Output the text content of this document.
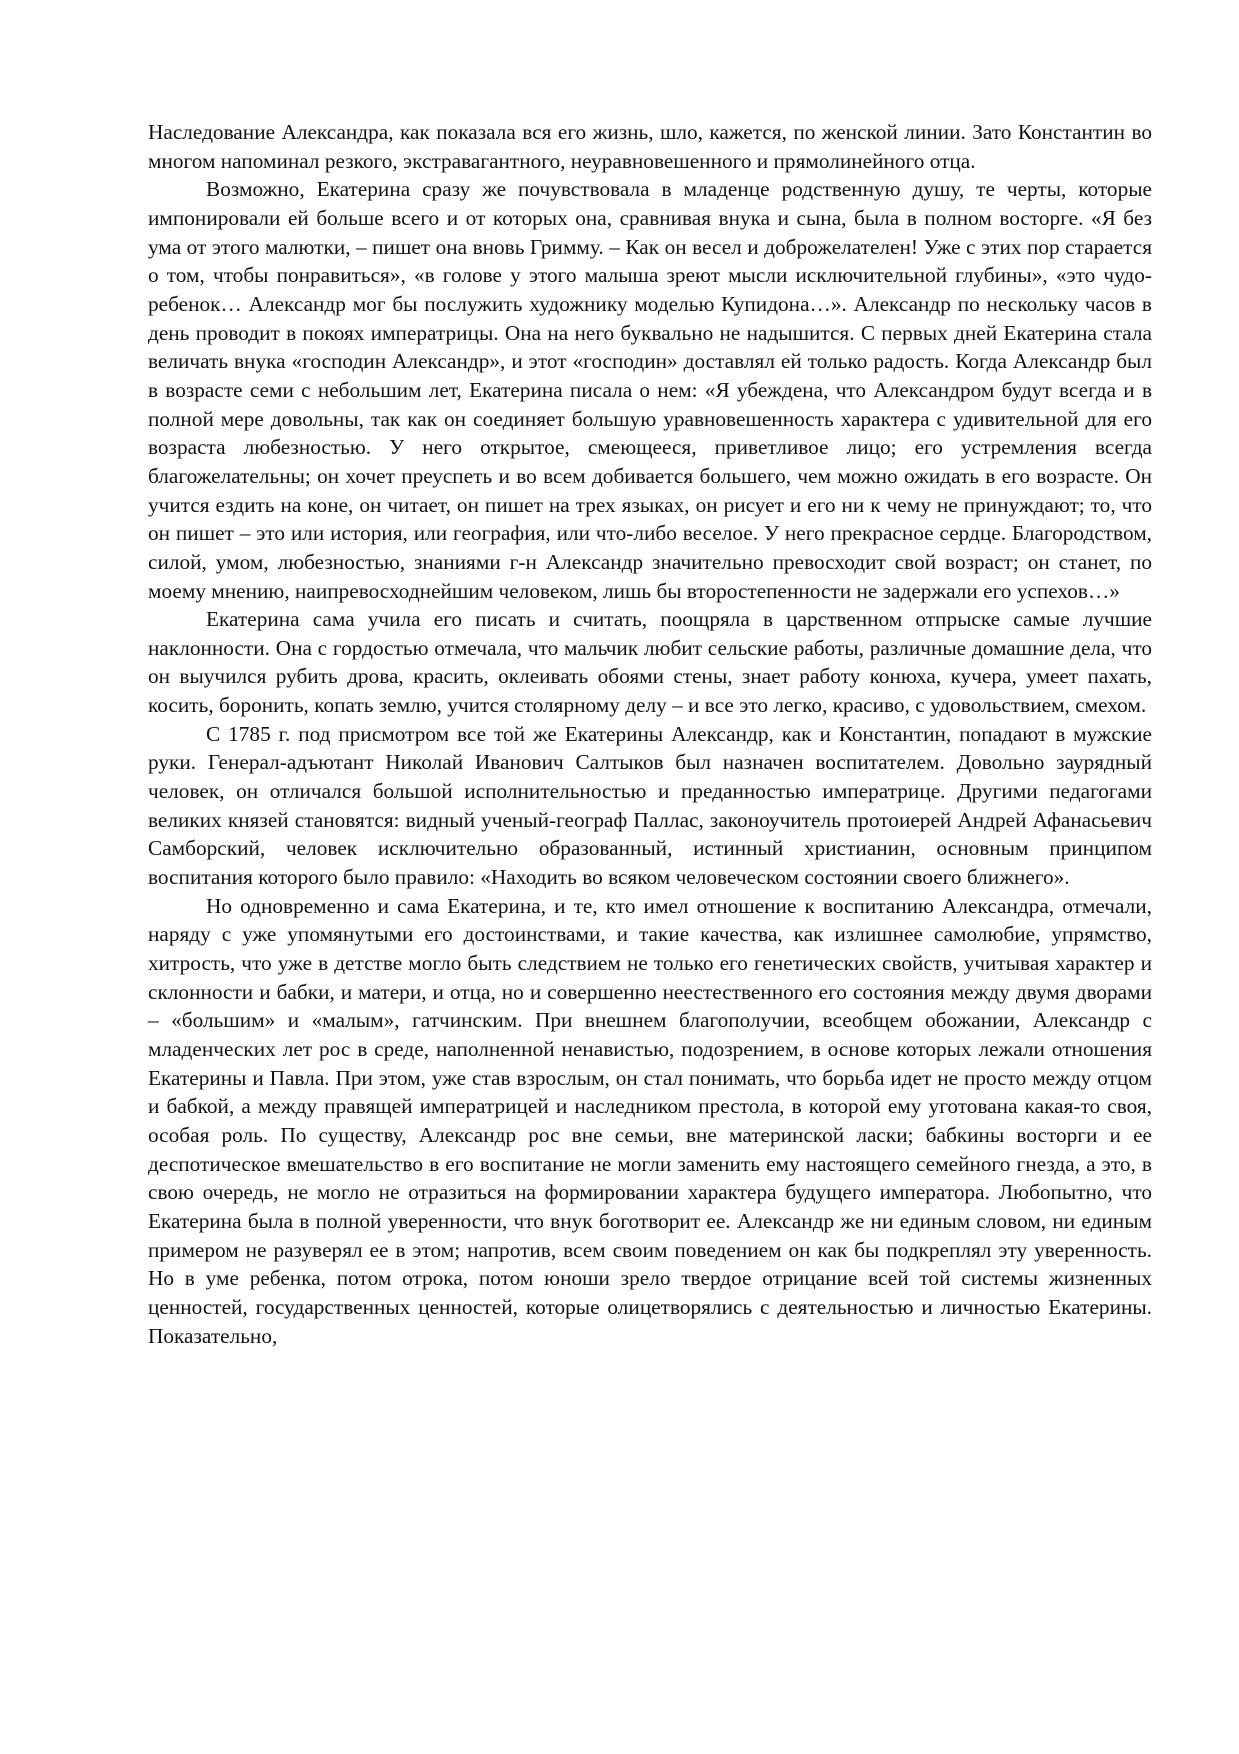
Наследование Александра, как показала вся его жизнь, шло, кажется, по женской линии. Зато Константин во многом напоминал резкого, экстравагантного, неуравновешенного и прямолинейного отца.

Возможно, Екатерина сразу же почувствовала в младенце родственную душу, те черты, которые импонировали ей больше всего и от которых она, сравнивая внука и сына, была в полном восторге. «Я без ума от этого малютки, – пишет она вновь Гримму. – Как он весел и доброжелателен! Уже с этих пор старается о том, чтобы понравиться», «в голове у этого малыша зреют мысли исключительной глубины», «это чудо-ребенок… Александр мог бы послужить художнику моделью Купидона…». Александр по нескольку часов в день проводит в покоях императрицы. Она на него буквально не надышится. С первых дней Екатерина стала величать внука «господин Александр», и этот «господин» доставлял ей только радость. Когда Александр был в возрасте семи с небольшим лет, Екатерина писала о нем: «Я убеждена, что Александром будут всегда и в полной мере довольны, так как он соединяет большую уравновешенность характера с удивительной для его возраста любезностью. У него открытое, смеющееся, приветливое лицо; его устремления всегда благожелательны; он хочет преуспеть и во всем добивается большего, чем можно ожидать в его возрасте. Он учится ездить на коне, он читает, он пишет на трех языках, он рисует и его ни к чему не принуждают; то, что он пишет – это или история, или география, или что-либо веселое. У него прекрасное сердце. Благородством, силой, умом, любезностью, знаниями г-н Александр значительно превосходит свой возраст; он станет, по моему мнению, наипревосходнейшим человеком, лишь бы второстепенности не задержали его успехов…»

Екатерина сама учила его писать и считать, поощряла в царственном отпрыске самые лучшие наклонности. Она с гордостью отмечала, что мальчик любит сельские работы, различные домашние дела, что он выучился рубить дрова, красить, оклеивать обоями стены, знает работу конюха, кучера, умеет пахать, косить, боронить, копать землю, учится столярному делу – и все это легко, красиво, с удовольствием, смехом.

С 1785 г. под присмотром все той же Екатерины Александр, как и Константин, попадают в мужские руки. Генерал-адъютант Николай Иванович Салтыков был назначен воспитателем. Довольно заурядный человек, он отличался большой исполнительностью и преданностью императрице. Другими педагогами великих князей становятся: видный ученый-географ Паллас, законоучитель протоиерей Андрей Афанасьевич Самборский, человек исключительно образованный, истинный христианин, основным принципом воспитания которого было правило: «Находить во всяком человеческом состоянии своего ближнего».

Но одновременно и сама Екатерина, и те, кто имел отношение к воспитанию Александра, отмечали, наряду с уже упомянутыми его достоинствами, и такие качества, как излишнее самолюбие, упрямство, хитрость, что уже в детстве могло быть следствием не только его генетических свойств, учитывая характер и склонности и бабки, и матери, и отца, но и совершенно неестественного его состояния между двумя дворами – «большим» и «малым», гатчинским. При внешнем благополучии, всеобщем обожании, Александр с младенческих лет рос в среде, наполненной ненавистью, подозрением, в основе которых лежали отношения Екатерины и Павла. При этом, уже став взрослым, он стал понимать, что борьба идет не просто между отцом и бабкой, а между правящей императрицей и наследником престола, в которой ему уготована какая-то своя, особая роль. По существу, Александр рос вне семьи, вне материнской ласки; бабкины восторги и ее деспотическое вмешательство в его воспитание не могли заменить ему настоящего семейного гнезда, а это, в свою очередь, не могло не отразиться на формировании характера будущего императора. Любопытно, что Екатерина была в полной уверенности, что внук боготворит ее. Александр же ни единым словом, ни единым примером не разуверял ее в этом; напротив, всем своим поведением он как бы подкреплял эту уверенность. Но в уме ребенка, потом отрока, потом юноши зрело твердое отрицание всей той системы жизненных ценностей, государственных ценностей, которые олицетворялись с деятельностью и личностью Екатерины. Показательно,
